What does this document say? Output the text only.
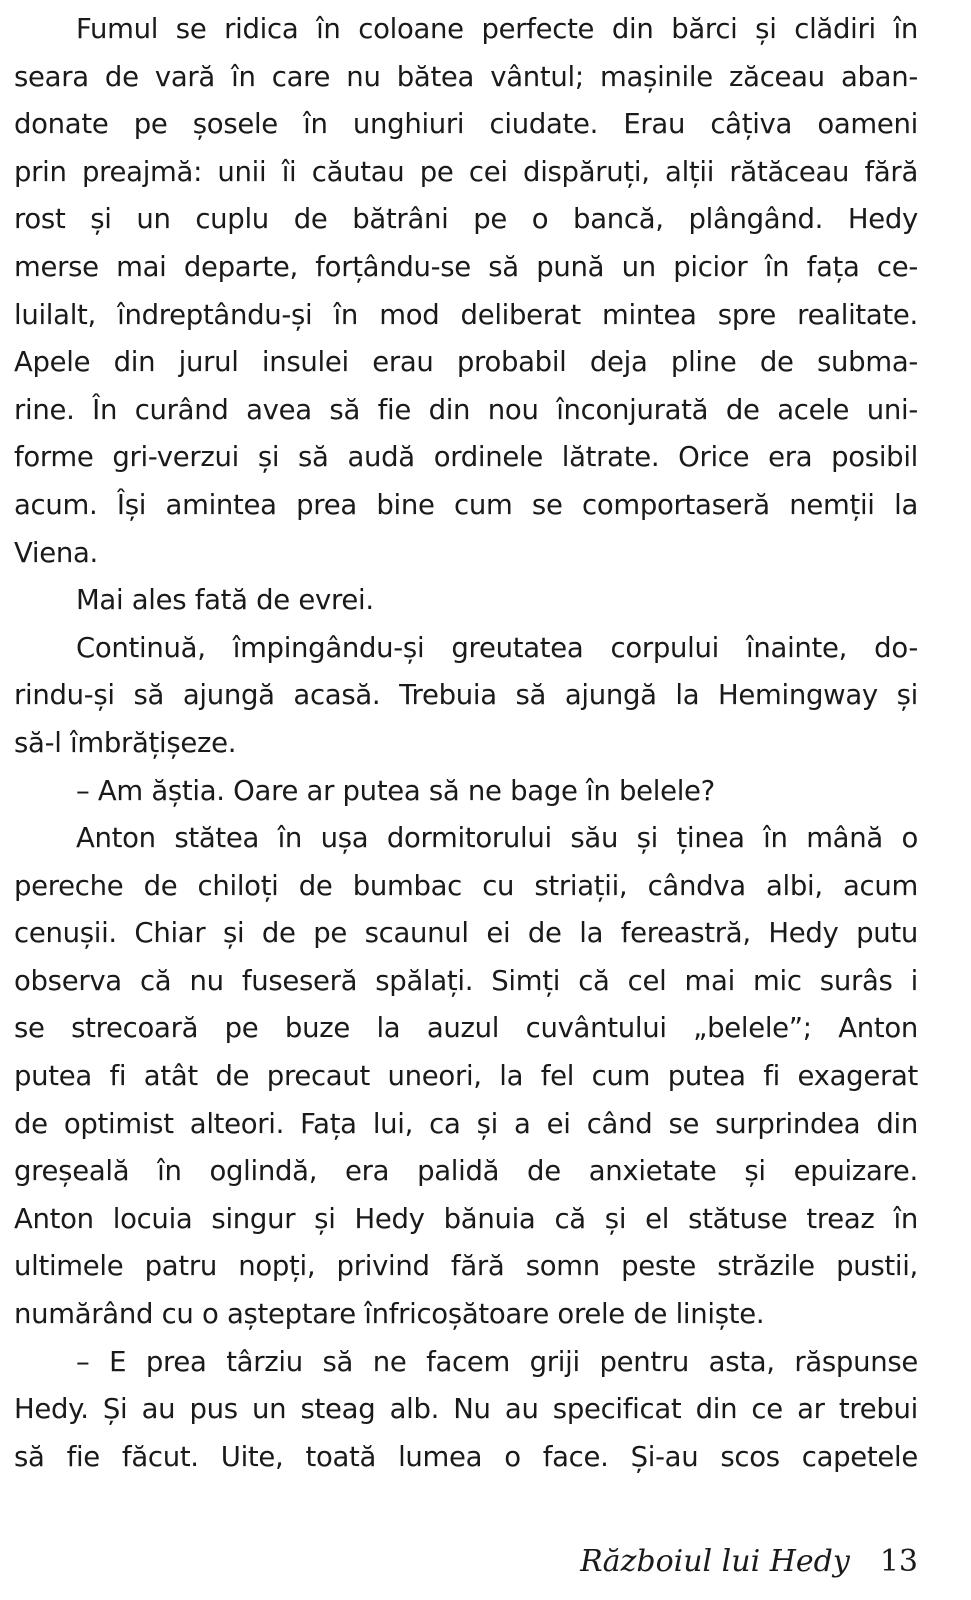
Fumul se ridica în coloane perfecte din bărci și clădiri în
seara de vară în care nu bătea vântul; mașinile zăceau aban-
donate pe șosele în unghiuri ciudate. Erau câțiva oameni
prin preajmă: unii îi căutau pe cei dispăruți, alții rătăceau fără
rost și un cuplu de bătrâni pe o bancă, plângând. Hedy
merse mai departe, forțându-se să pună un picior în fața ce-
luilalt, îndreptându-și în mod deliberat mintea spre realitate.
Apele din jurul insulei erau probabil deja pline de subma-
rine. În curând avea să fie din nou înconjurată de acele uni-
forme gri-verzui și să audă ordinele lătrate. Orice era posibil
acum. Își amintea prea bine cum se comportaseră nemții la
Viena.
Mai ales fată de evrei.
Continuă, împingându-și greutatea corpului înainte, do-
rindu-și să ajungă acasă. Trebuia să ajungă la Hemingway și
să-l îmbrățișeze.
– Am ăștia. Oare ar putea să ne bage în belele?
Anton stătea în ușa dormitorului său și ținea în mână o
pereche de chiloți de bumbac cu striații, cândva albi, acum
cenușii. Chiar și de pe scaunul ei de la fereastră, Hedy putu
observa că nu fuseseră spălați. Simți că cel mai mic surâs i
se strecoară pe buze la auzul cuvântului „belele”; Anton
putea fi atât de precaut uneori, la fel cum putea fi exagerat
de optimist alteori. Fața lui, ca și a ei când se surprindea din
greșeală în oglindă, era palidă de anxietate și epuizare.
Anton locuia singur și Hedy bănuia că și el stătuse treaz în
ultimele patru nopți, privind fără somn peste străzile pustii,
numărând cu o așteptare înfricoșătoare orele de liniște.
– E prea târziu să ne facem griji pentru asta, răspunse
Hedy. Și au pus un steag alb. Nu au specificat din ce ar trebui
să fie făcut. Uite, toată lumea o face. Și-au scos capetele
Războiul lui Hedy 13
